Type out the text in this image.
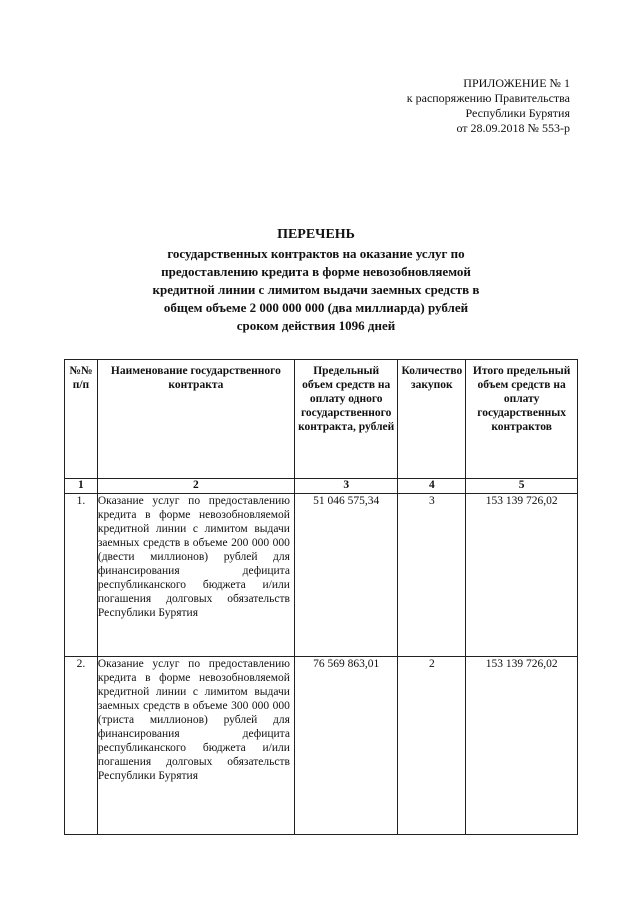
ПРИЛОЖЕНИЕ № 1
к распоряжению Правительства
Республики Бурятия
от 28.09.2018 № 553-р
ПЕРЕЧЕНЬ
государственных контрактов на оказание услуг по
предоставлению кредита в форме невозобновляемой
кредитной линии с лимитом выдачи заемных средств в
общем объеме 2 000 000 000 (два миллиарда) рублей
сроком действия 1096 дней
№№ п/п	Наименование государственного контракта	Предельный объем средств на оплату одного государственного контракта, рублей	Количество закупок	Итого предельный объем средств на оплату государственных контрактов
1	2	3	4	5
1.	Оказание услуг по предоставлению кредита в форме невозобновляемой кредитной линии с лимитом выдачи заемных средств в объеме 200 000 000 (двести миллионов) рублей для финансирования дефицита республиканского бюджета и/или погашения долговых обязательств Республики Бурятия	51 046 575,34	3	153 139 726,02
2.	Оказание услуг по предоставлению кредита в форме невозобновляемой кредитной линии с лимитом выдачи заемных средств в объеме 300 000 000 (триста миллионов) рублей для финансирования дефицита республиканского бюджета и/или погашения долговых обязательств Республики Бурятия	76 569 863,01	2	153 139 726,02
